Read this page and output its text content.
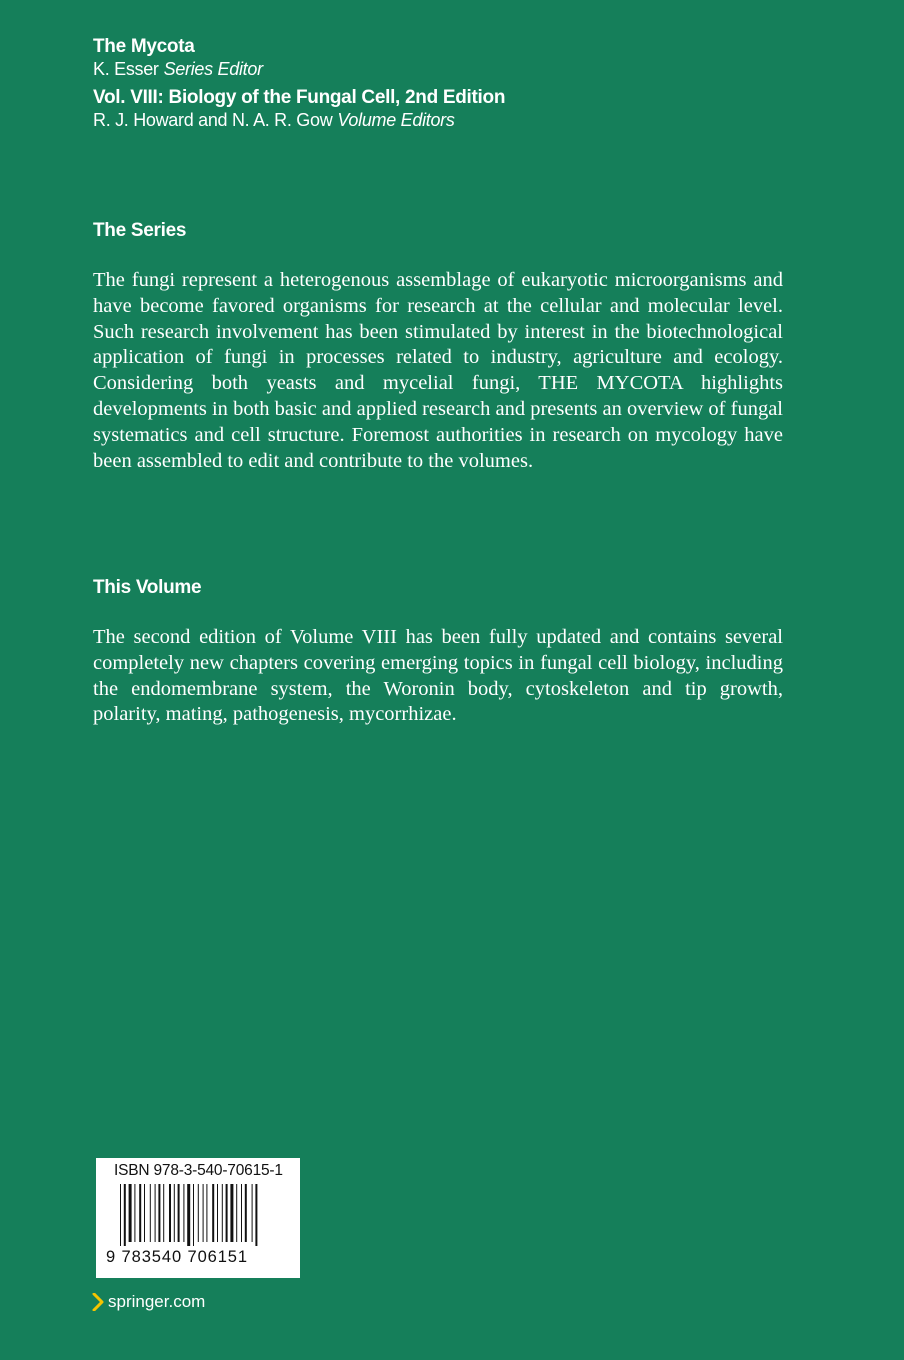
The Mycota
K. Esser Series Editor
Vol. VIII: Biology of the Fungal Cell, 2nd Edition
R. J. Howard and N. A. R. Gow Volume Editors
The Series

The fungi represent a heterogenous assemblage of eukaryotic microorganisms and have become favored organisms for research at the cellular and molecular level. Such research involvement has been stimulated by interest in the biotechnological application of fungi in processes related to industry, agriculture and ecology. Considering both yeasts and mycelial fungi, THE MYCOTA highlights developments in both basic and applied research and presents an overview of fungal systematics and cell structure. Foremost authorities in research on mycology have been assembled to edit and contribute to the volumes.

This Volume

The second edition of Volume VIII has been fully updated and contains several completely new chapters covering emerging topics in fungal cell biology, including the endomembrane system, the Woronin body, cytoskeleton and tip growth, polarity, mating, pathogenesis, mycorrhizae.

ISBN 978-3-540-70615-1
9 783540 706151
springer.com
